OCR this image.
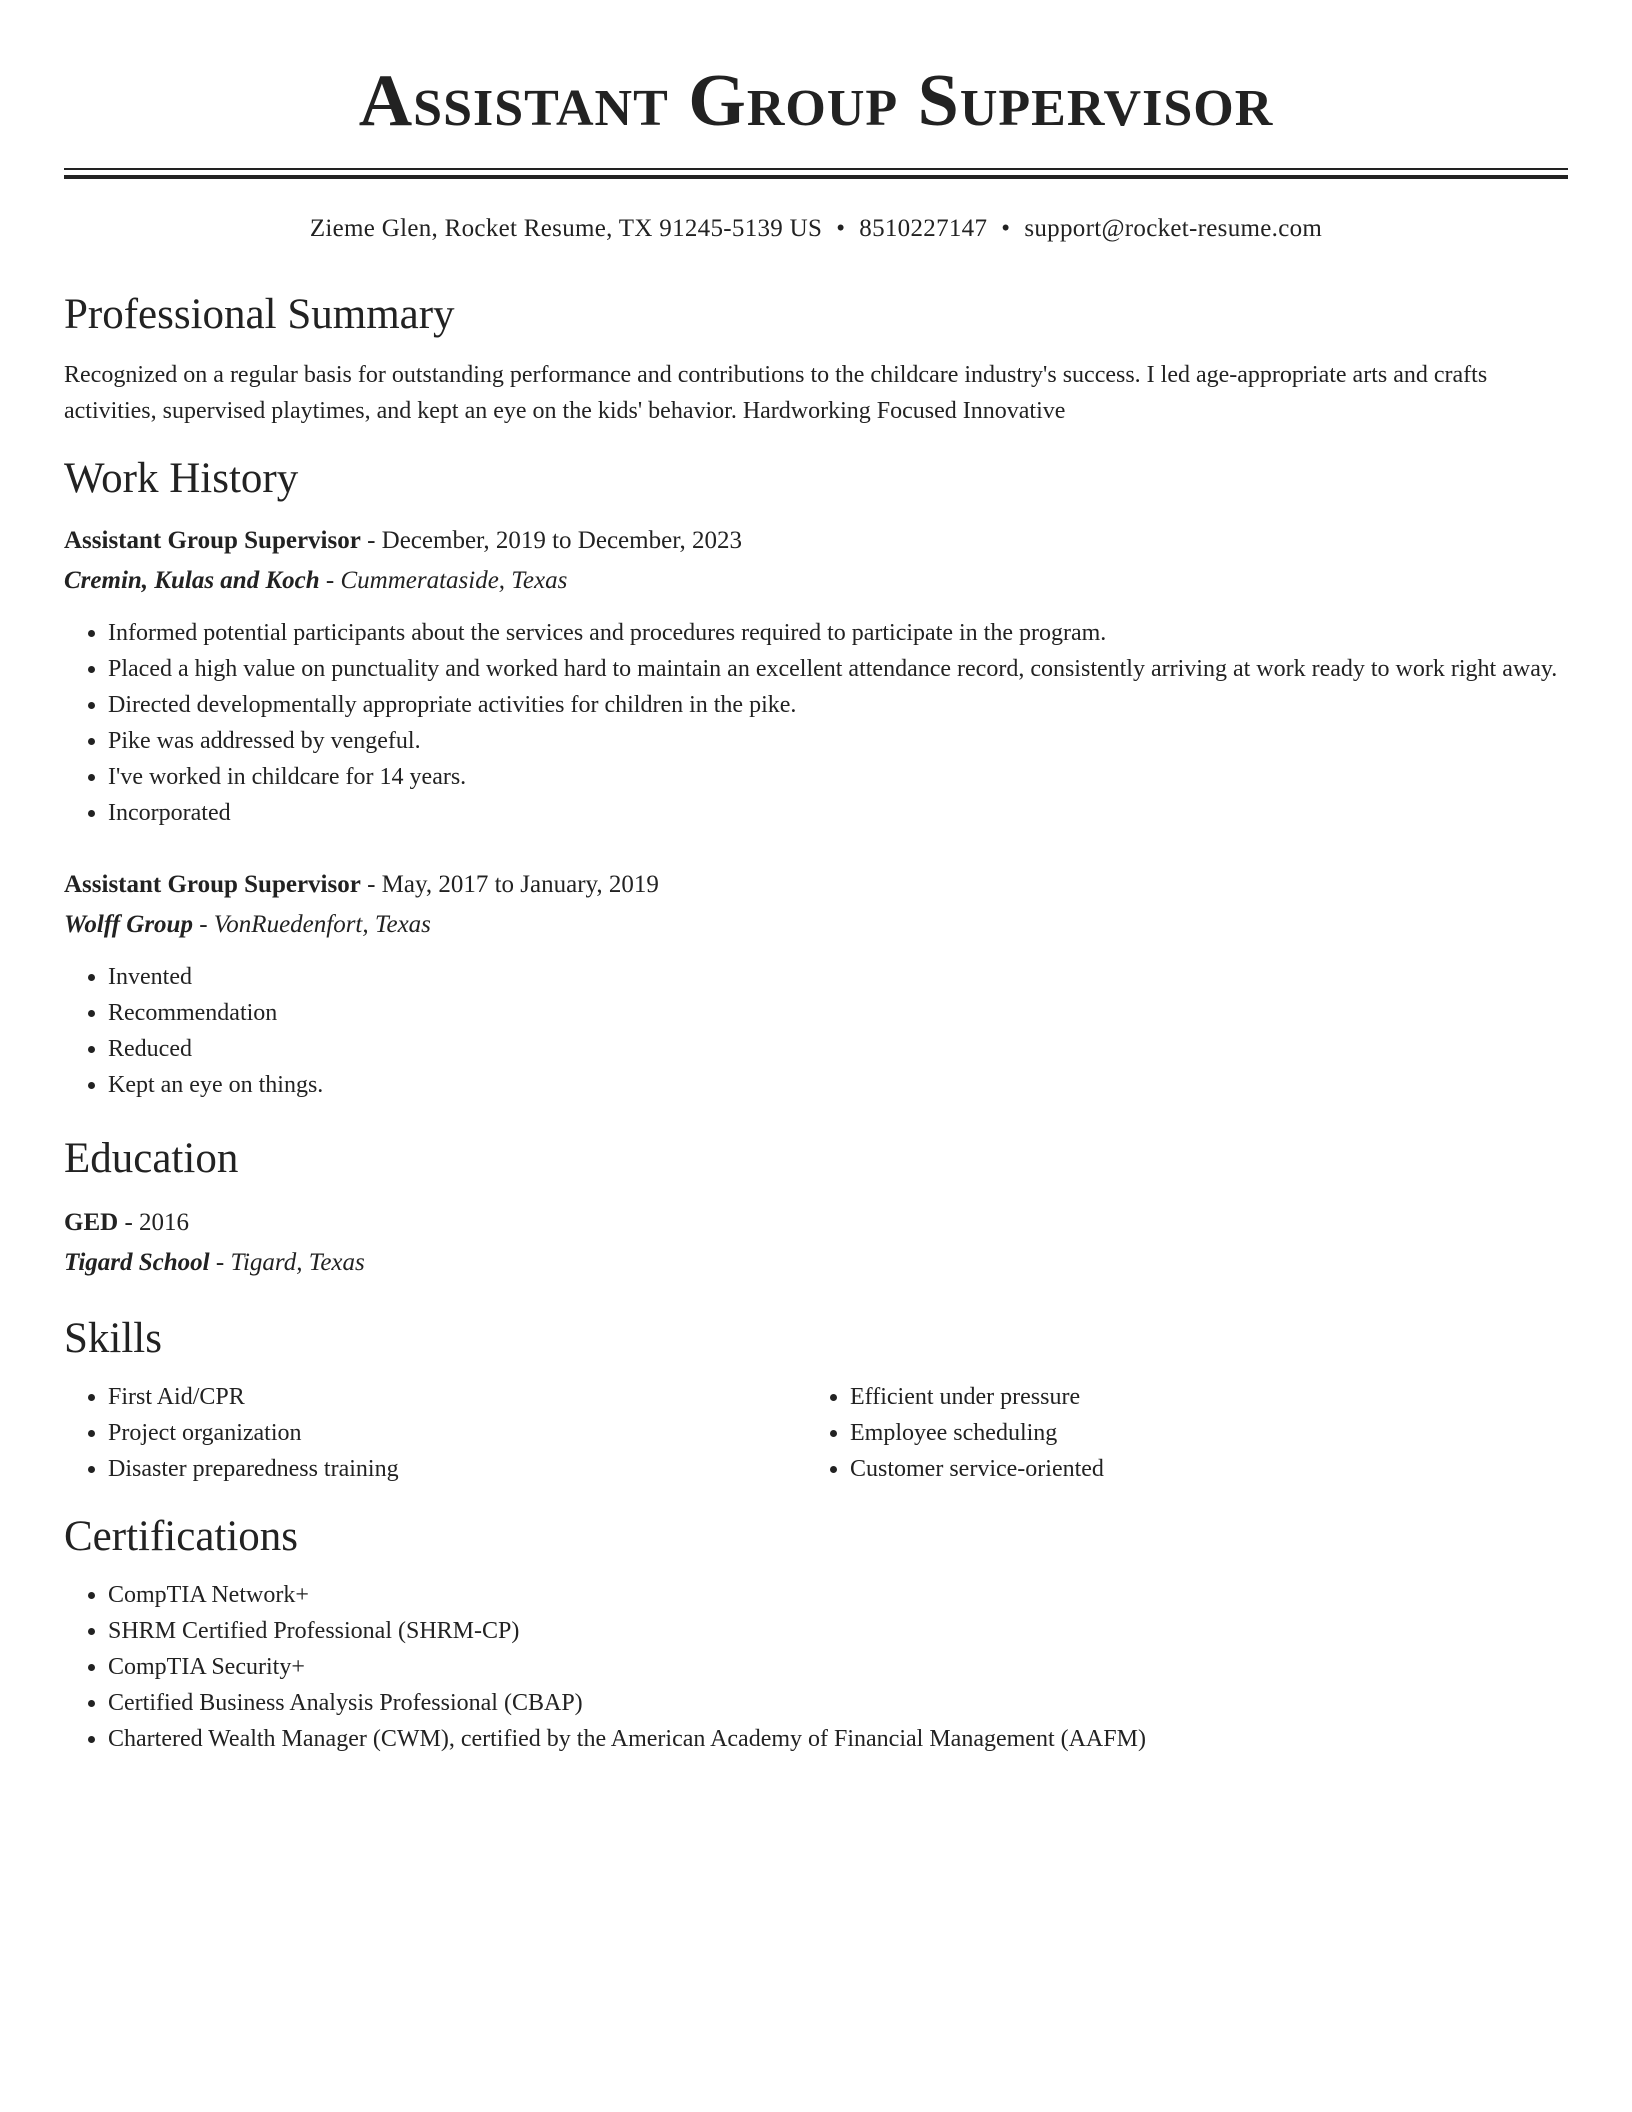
Assistant Group Supervisor
Zieme Glen, Rocket Resume, TX 91245-5139 US • 8510227147 • support@rocket-resume.com
Professional Summary
Recognized on a regular basis for outstanding performance and contributions to the childcare industry's success. I led age-appropriate arts and crafts activities, supervised playtimes, and kept an eye on the kids' behavior. Hardworking Focused Innovative
Work History
Assistant Group Supervisor - December, 2019 to December, 2023
Cremin, Kulas and Koch - Cummerataside, Texas
• Informed potential participants about the services and procedures required to participate in the program.
• Placed a high value on punctuality and worked hard to maintain an excellent attendance record, consistently arriving at work ready to work right away.
• Directed developmentally appropriate activities for children in the pike.
• Pike was addressed by vengeful.
• I've worked in childcare for 14 years.
• Incorporated
Assistant Group Supervisor - May, 2017 to January, 2019
Wolff Group - VonRuedenfort, Texas
• Invented
• Recommendation
• Reduced
• Kept an eye on things.
Education
GED - 2016
Tigard School - Tigard, Texas
Skills
• First Aid/CPR
• Project organization
• Disaster preparedness training
• Efficient under pressure
• Employee scheduling
• Customer service-oriented
Certifications
• CompTIA Network+
• SHRM Certified Professional (SHRM-CP)
• CompTIA Security+
• Certified Business Analysis Professional (CBAP)
• Chartered Wealth Manager (CWM), certified by the American Academy of Financial Management (AAFM)
